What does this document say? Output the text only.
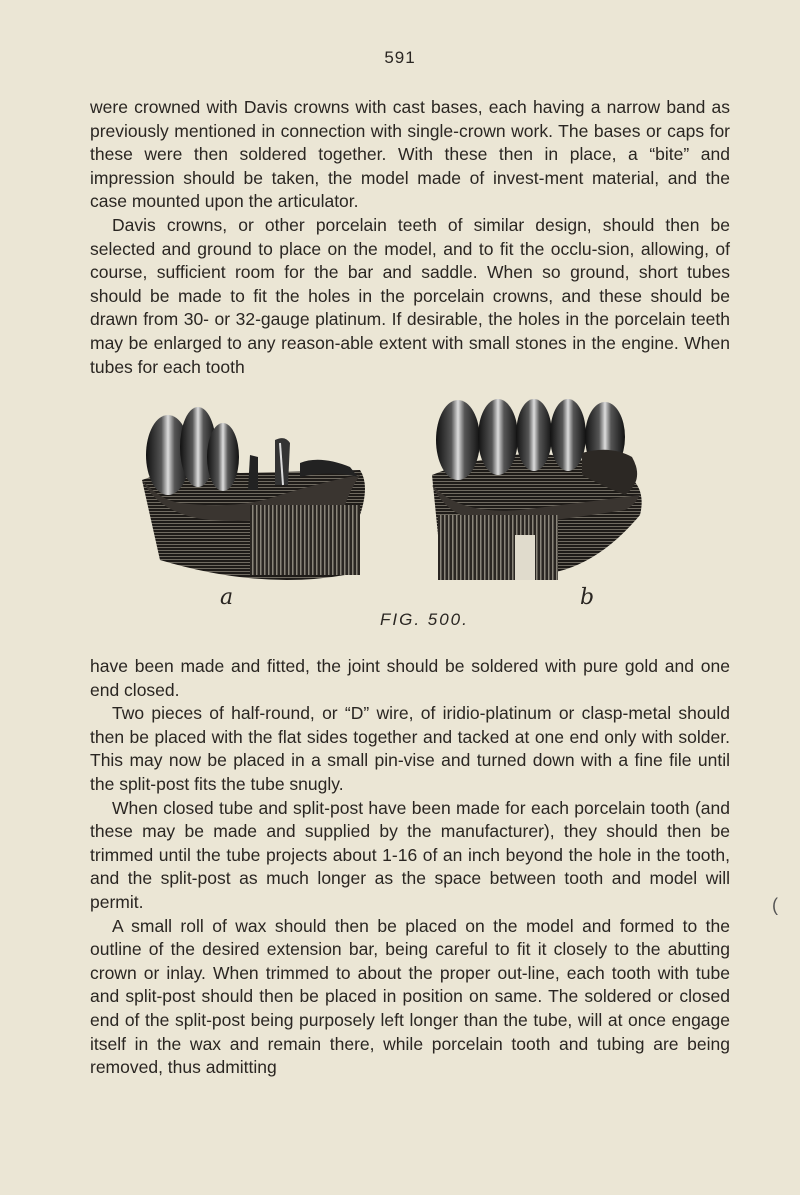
591

were crowned with Davis crowns with cast bases, each having a narrow band as previously mentioned in connection with single-crown work. The bases or caps for these were then soldered together. With these then in place, a “bite” and impression should be taken, the model made of invest-ment material, and the case mounted upon the articulator.

Davis crowns, or other porcelain teeth of similar design, should then be selected and ground to place on the model, and to fit the occlu-sion, allowing, of course, sufficient room for the bar and saddle. When so ground, short tubes should be made to fit the holes in the porcelain crowns, and these should be drawn from 30- or 32-gauge platinum. If desirable, the holes in the porcelain teeth may be enlarged to any reason-able extent with small stones in the engine. When tubes for each tooth

a	b
FIG. 500.

have been made and fitted, the joint should be soldered with pure gold and one end closed.

Two pieces of half-round, or “D” wire, of iridio-platinum or clasp-metal should then be placed with the flat sides together and tacked at one end only with solder. This may now be placed in a small pin-vise and turned down with a fine file until the split-post fits the tube snugly.

When closed tube and split-post have been made for each porcelain tooth (and these may be made and supplied by the manufacturer), they should then be trimmed until the tube projects about 1-16 of an inch beyond the hole in the tooth, and the split-post as much longer as the space between tooth and model will permit.

A small roll of wax should then be placed on the model and formed to the outline of the desired extension bar, being careful to fit it closely to the abutting crown or inlay. When trimmed to about the proper out-line, each tooth with tube and split-post should then be placed in position on same. The soldered or closed end of the split-post being purposely left longer than the tube, will at once engage itself in the wax and remain there, while porcelain tooth and tubing are being removed, thus admitting

(
